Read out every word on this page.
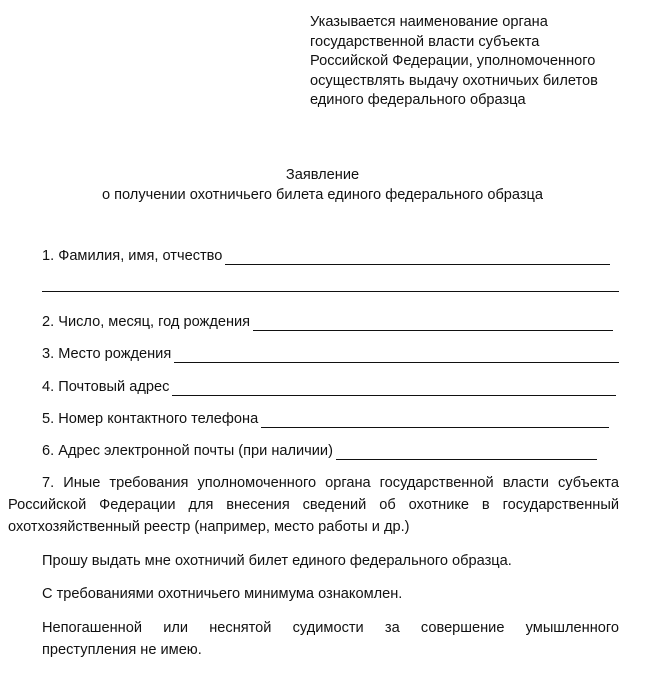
Указывается наименование органа
государственной власти субъекта
Российской Федерации, уполномоченного
осуществлять выдачу охотничьих билетов
единого федерального образца
Заявление
о получении охотничьего билета единого федерального образца
1. Фамилия, имя, отчество
2. Число, месяц, год рождения
3. Место рождения
4. Почтовый адрес
5. Номер контактного телефона
6. Адрес электронной почты (при наличии)
7. Иные требования уполномоченного органа государственной власти субъекта
Российской Федерации для внесения сведений об охотнике в государственный
охотхозяйственный реестр (например, место работы и др.)
Прошу выдать мне охотничий билет единого федерального образца.
С требованиями охотничьего минимума ознакомлен.
Непогашенной или неснятой судимости за совершение умышленного
преступления не имею.
